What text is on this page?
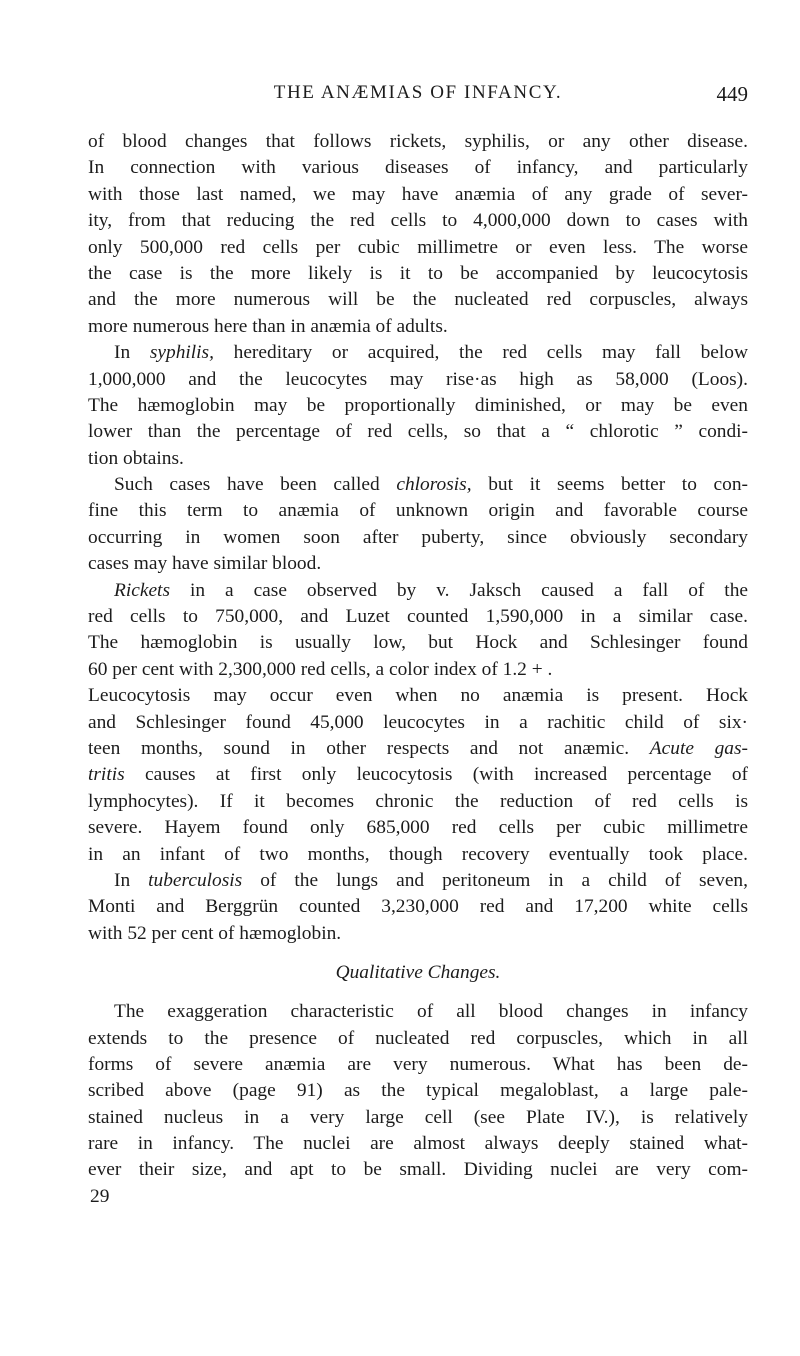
THE ANÆMIAS OF INFANCY.	449
of blood changes that follows rickets, syphilis, or any other disease.
In connection with various diseases of infancy, and particularly
with those last named, we may have anæmia of any grade of sever-
ity, from that reducing the red cells to 4,000,000 down to cases with
only 500,000 red cells per cubic millimetre or even less. The worse
the case is the more likely is it to be accompanied by leucocytosis
and the more numerous will be the nucleated red corpuscles, always
more numerous here than in anæmia of adults.
In syphilis, hereditary or acquired, the red cells may fall below
1,000,000 and the leucocytes may rise·as high as 58,000 (Loos).
The hæmoglobin may be proportionally diminished, or may be even
lower than the percentage of red cells, so that a “ chlorotic ” condi-
tion obtains.
Such cases have been called chlorosis, but it seems better to con-
fine this term to anæmia of unknown origin and favorable course
occurring in women soon after puberty, since obviously secondary
cases may have similar blood.
Rickets in a case observed by v. Jaksch caused a fall of the
red cells to 750,000, and Luzet counted 1,590,000 in a similar case.
The hæmoglobin is usually low, but Hock and Schlesinger found
60 per cent with 2,300,000 red cells, a color index of 1.2 + .
Leucocytosis may occur even when no anæmia is present. Hock
and Schlesinger found 45,000 leucocytes in a rachitic child of six·
teen months, sound in other respects and not anæmic. Acute gas-
tritis causes at first only leucocytosis (with increased percentage of
lymphocytes). If it becomes chronic the reduction of red cells is
severe. Hayem found only 685,000 red cells per cubic millimetre
in an infant of two months, though recovery eventually took place.
In tuberculosis of the lungs and peritoneum in a child of seven,
Monti and Berggrün counted 3,230,000 red and 17,200 white cells
with 52 per cent of hæmoglobin.
Qualitative Changes.
The exaggeration characteristic of all blood changes in infancy
extends to the presence of nucleated red corpuscles, which in all
forms of severe anæmia are very numerous. What has been de-
scribed above (page 91) as the typical megaloblast, a large pale-
stained nucleus in a very large cell (see Plate IV.), is relatively
rare in infancy. The nuclei are almost always deeply stained what-
ever their size, and apt to be small. Dividing nuclei are very com-
29
